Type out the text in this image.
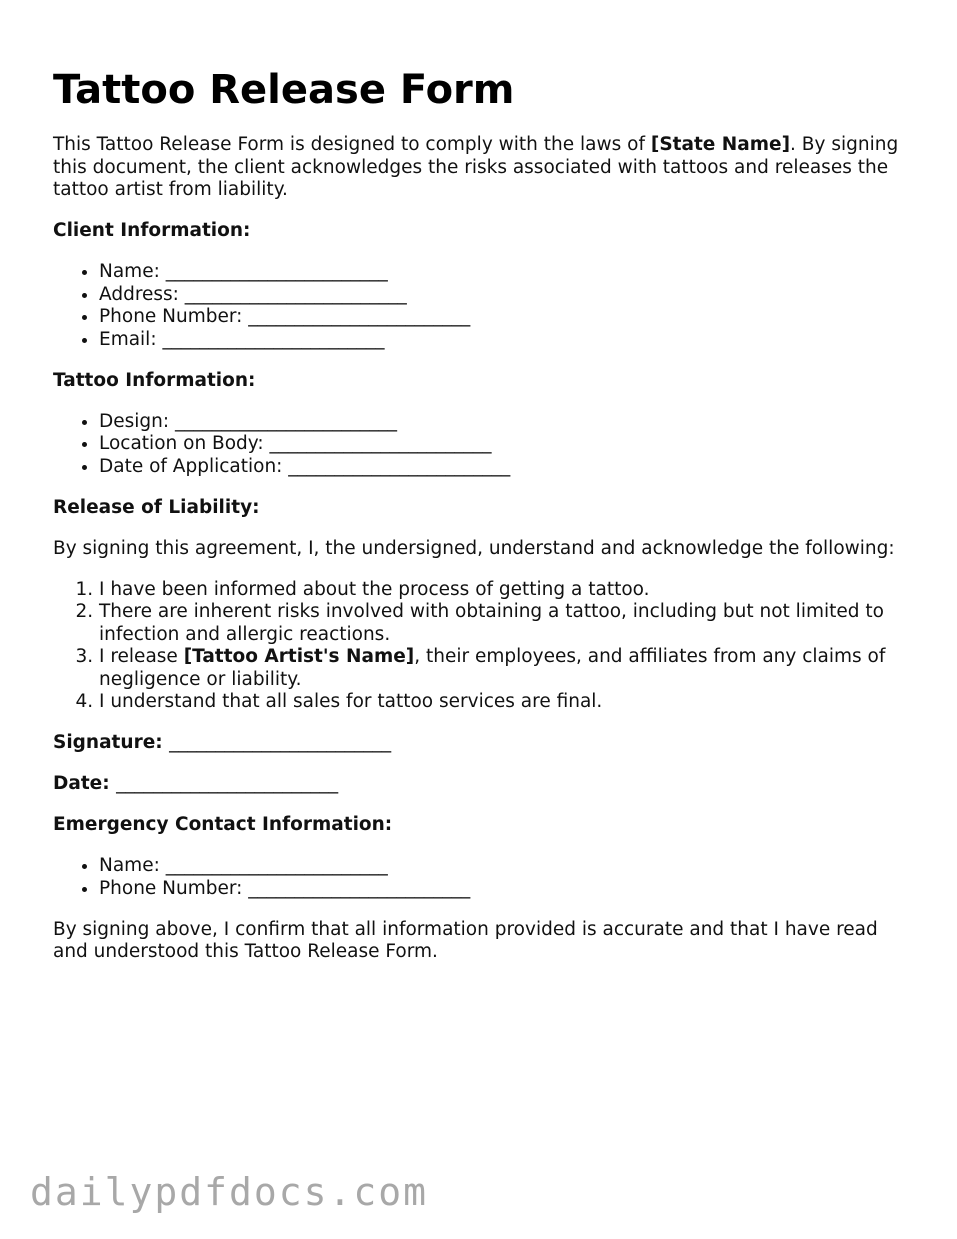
Tattoo Release Form

This Tattoo Release Form is designed to comply with the laws of [State Name]. By signing this document, the client acknowledges the risks associated with tattoos and releases the tattoo artist from liability.

Client Information:

• Name: ________________________
• Address: ________________________
• Phone Number: ________________________
• Email: ________________________

Tattoo Information:

• Design: ________________________
• Location on Body: ________________________
• Date of Application: ________________________

Release of Liability:

By signing this agreement, I, the undersigned, understand and acknowledge the following:

1. I have been informed about the process of getting a tattoo.
2. There are inherent risks involved with obtaining a tattoo, including but not limited to infection and allergic reactions.
3. I release [Tattoo Artist's Name], their employees, and affiliates from any claims of negligence or liability.
4. I understand that all sales for tattoo services are final.

Signature: ________________________

Date: ________________________

Emergency Contact Information:

• Name: ________________________
• Phone Number: ________________________

By signing above, I confirm that all information provided is accurate and that I have read and understood this Tattoo Release Form.

dailypdfdocs.com
